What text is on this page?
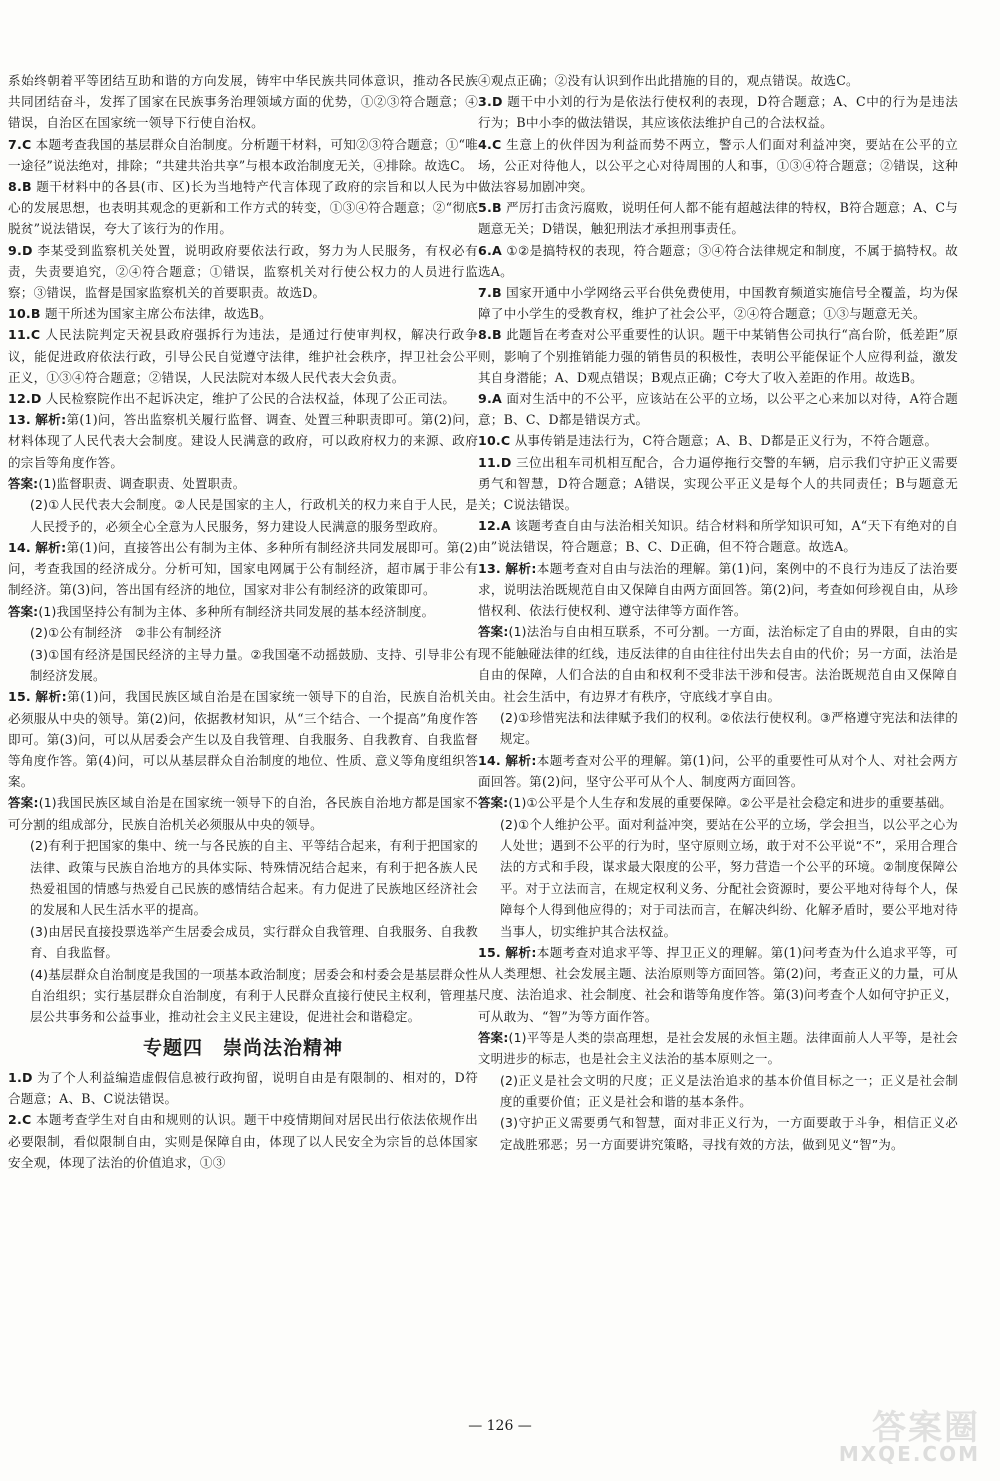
系始终朝着平等团结互助和谐的方向发展，铸牢中华民族共同体意识，推动各民族共同团结奋斗，发挥了国家在民族事务治理领域方面的优势，①②③符合题意；④错误，自治区在国家统一领导下行使自治权。

7.C 本题考查我国的基层群众自治制度。分析题干材料，可知②③符合题意；①“唯一途径”说法绝对，排除；“共建共治共享”与根本政治制度无关，④排除。故选C。

8.B 题干材料中的各县(市、区)长为当地特产代言体现了政府的宗旨和以人民为中心的发展思想，也表明其观念的更新和工作方式的转变，①③④符合题意；②“彻底脱贫”说法错误，夸大了该行为的作用。

9.D 李某受到监察机关处置，说明政府要依法行政，努力为人民服务，有权必有责，失责要追究，②④符合题意；①错误，监察机关对行使公权力的人员进行监察；③错误，监督是国家监察机关的首要职责。故选D。

10.B 题干所述为国家主席公布法律，故选B。

11.C 人民法院判定天祝县政府强拆行为违法，是通过行使审判权，解决行政争议，能促进政府依法行政，引导公民自觉遵守法律，维护社会秩序，捍卫社会公平正义，①③④符合题意；②错误，人民法院对本级人民代表大会负责。

12.D 人民检察院作出不起诉决定，维护了公民的合法权益，体现了公正司法。

13. 解析:第(1)问，答出监察机关履行监督、调查、处置三种职责即可。第(2)问，材料体现了人民代表大会制度。建设人民满意的政府，可以政府权力的来源、政府的宗旨等角度作答。

答案:(1)监督职责、调查职责、处置职责。

(2)①人民代表大会制度。②人民是国家的主人，行政机关的权力来自于人民，是人民授予的，必须全心全意为人民服务，努力建设人民满意的服务型政府。

14. 解析:第(1)问，直接答出公有制为主体、多种所有制经济共同发展即可。第(2)问，考查我国的经济成分。分析可知，国家电网属于公有制经济，超市属于非公有制经济。第(3)问，答出国有经济的地位，国家对非公有制经济的政策即可。

答案:(1)我国坚持公有制为主体、多种所有制经济共同发展的基本经济制度。

(2)①公有制经济　②非公有制经济

(3)①国有经济是国民经济的主导力量。②我国毫不动摇鼓励、支持、引导非公有制经济发展。

15. 解析:第(1)问，我国民族区域自治是在国家统一领导下的自治，民族自治机关必须服从中央的领导。第(2)问，依据教材知识，从“三个结合、一个提高”角度作答即可。第(3)问，可以从居委会产生以及自我管理、自我服务、自我教育、自我监督等角度作答。第(4)问，可以从基层群众自治制度的地位、性质、意义等角度组织答案。

答案:(1)我国民族区域自治是在国家统一领导下的自治，各民族自治地方都是国家不可分割的组成部分，民族自治机关必须服从中央的领导。

(2)有利于把国家的集中、统一与各民族的自主、平等结合起来，有利于把国家的法律、政策与民族自治地方的具体实际、特殊情况结合起来，有利于把各族人民热爱祖国的情感与热爱自己民族的感情结合起来。有力促进了民族地区经济社会的发展和人民生活水平的提高。

(3)由居民直接投票选举产生居委会成员，实行群众自我管理、自我服务、自我教育、自我监督。

(4)基层群众自治制度是我国的一项基本政治制度；居委会和村委会是基层群众性自治组织；实行基层群众自治制度，有利于人民群众直接行使民主权利，管理基层公共事务和公益事业，推动社会主义民主建设，促进社会和谐稳定。

专题四　崇尚法治精神

1.D 为了个人利益编造虚假信息被行政拘留，说明自由是有限制的、相对的，D符合题意；A、B、C说法错误。

2.C 本题考查学生对自由和规则的认识。题干中疫情期间对居民出行依法依规作出必要限制，看似限制自由，实则是保障自由，体现了以人民安全为宗旨的总体国家安全观，体现了法治的价值追求，①③

④观点正确；②没有认识到作出此措施的目的，观点错误。故选C。

3.D 题干中小刘的行为是依法行使权利的表现，D符合题意；A、C中的行为是违法行为；B中小李的做法错误，其应该依法维护自己的合法权益。

4.C 生意上的伙伴因为利益而势不两立，警示人们面对利益冲突，要站在公平的立场，公正对待他人，以公平之心对待周围的人和事，①③④符合题意；②错误，这种做法容易加剧冲突。

5.B 严厉打击贪污腐败，说明任何人都不能有超越法律的特权，B符合题意；A、C与题意无关；D错误，触犯刑法才承担刑事责任。

6.A ①②是搞特权的表现，符合题意；③④符合法律规定和制度，不属于搞特权。故选A。

7.B 国家开通中小学网络云平台供免费使用，中国教育频道实施信号全覆盖，均为保障了中小学生的受教育权，维护了社会公平，②④符合题意；①③与题意无关。

8.B 此题旨在考查对公平重要性的认识。题干中某销售公司执行“高台阶，低差距”原则，影响了个别推销能力强的销售员的积极性，表明公平能保证个人应得利益，激发其自身潜能；A、D观点错误；B观点正确；C夸大了收入差距的作用。故选B。

9.A 面对生活中的不公平，应该站在公平的立场，以公平之心来加以对待，A符合题意；B、C、D都是错误方式。

10.C 从事传销是违法行为，C符合题意；A、B、D都是正义行为，不符合题意。

11.D 三位出租车司机相互配合，合力逼停拖行交警的车辆，启示我们守护正义需要勇气和智慧，D符合题意；A错误，实现公平正义是每个人的共同责任；B与题意无关；C说法错误。

12.A 该题考查自由与法治相关知识。结合材料和所学知识可知，A“天下有绝对的自由”说法错误，符合题意；B、C、D正确，但不符合题意。故选A。

13. 解析:本题考查对自由与法治的理解。第(1)问，案例中的不良行为违反了法治要求，说明法治既规范自由又保障自由两方面回答。第(2)问，考查如何珍视自由，从珍惜权利、依法行使权利、遵守法律等方面作答。

答案:(1)法治与自由相互联系，不可分割。一方面，法治标定了自由的界限，自由的实现不能触碰法律的红线，违反法律的自由往往付出失去自由的代价；另一方面，法治是自由的保障，人们合法的自由和权利不受非法干涉和侵害。法治既规范自由又保障自由。社会生活中，有边界才有秩序，守底线才享自由。

(2)①珍惜宪法和法律赋予我们的权利。②依法行使权利。③严格遵守宪法和法律的规定。

14. 解析:本题考查对公平的理解。第(1)问，公平的重要性可从对个人、对社会两方面回答。第(2)问，坚守公平可从个人、制度两方面回答。

答案:(1)①公平是个人生存和发展的重要保障。②公平是社会稳定和进步的重要基础。

(2)①个人维护公平。面对利益冲突，要站在公平的立场，学会担当，以公平之心为人处世；遇到不公平的行为时，坚守原则立场，敢于对不公平说“不”，采用合理合法的方式和手段，谋求最大限度的公平，努力营造一个公平的环境。②制度保障公平。对于立法而言，在规定权利义务、分配社会资源时，要公平地对待每个人，保障每个人得到他应得的；对于司法而言，在解决纠纷、化解矛盾时，要公平地对待当事人，切实维护其合法权益。

15. 解析:本题考查对追求平等、捍卫正义的理解。第(1)问考查为什么追求平等，可从人类理想、社会发展主题、法治原则等方面回答。第(2)问，考查正义的力量，可从尺度、法治追求、社会制度、社会和谐等角度作答。第(3)问考查个人如何守护正义，可从敢为、“智”为等方面作答。

答案:(1)平等是人类的崇高理想，是社会发展的永恒主题。法律面前人人平等，是社会文明进步的标志，也是社会主义法治的基本原则之一。

(2)正义是社会文明的尺度；正义是法治追求的基本价值目标之一；正义是社会制度的重要价值；正义是社会和谐的基本条件。

(3)守护正义需要勇气和智慧，面对非正义行为，一方面要敢于斗争，相信正义必定战胜邪恶；另一方面要讲究策略，寻找有效的方法，做到见义“智”为。

— 126 —	答案圈
MXQE.COM
